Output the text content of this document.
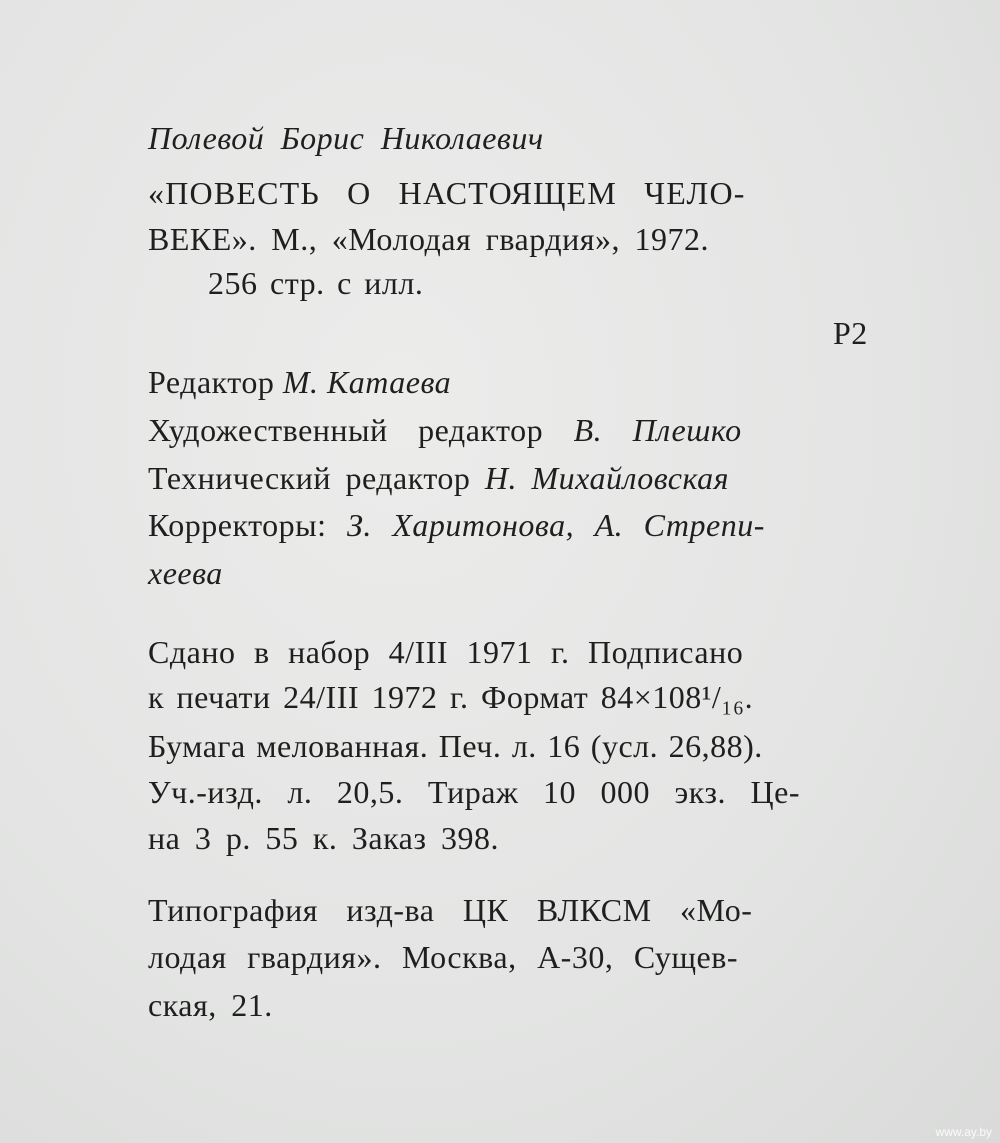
Полевой Борис Николаевич
«ПОВЕСТЬ О НАСТОЯЩЕМ ЧЕЛО-
ВЕКЕ». М., «Молодая гвардия», 1972.
256 стр. с илл.
Р2
Редактор М. Катаева
Художественный редактор В. Плешко
Технический редактор Н. Михайловская
Корректоры: З. Харитонова, А. Стрепи-
хеева
Сдано в набор 4/III 1971 г. Подписано
к печати 24/III 1972 г. Формат 84×108¹/₁₆.
Бумага мелованная. Печ. л. 16 (усл. 26,88).
Уч.-изд. л. 20,5. Тираж 10 000 экз. Це-
на 3 р. 55 к. Заказ 398.
Типография изд-ва ЦК ВЛКСМ «Мо-
лодая гвардия». Москва, А-30, Сущев-
ская, 21.
www.ay.by
